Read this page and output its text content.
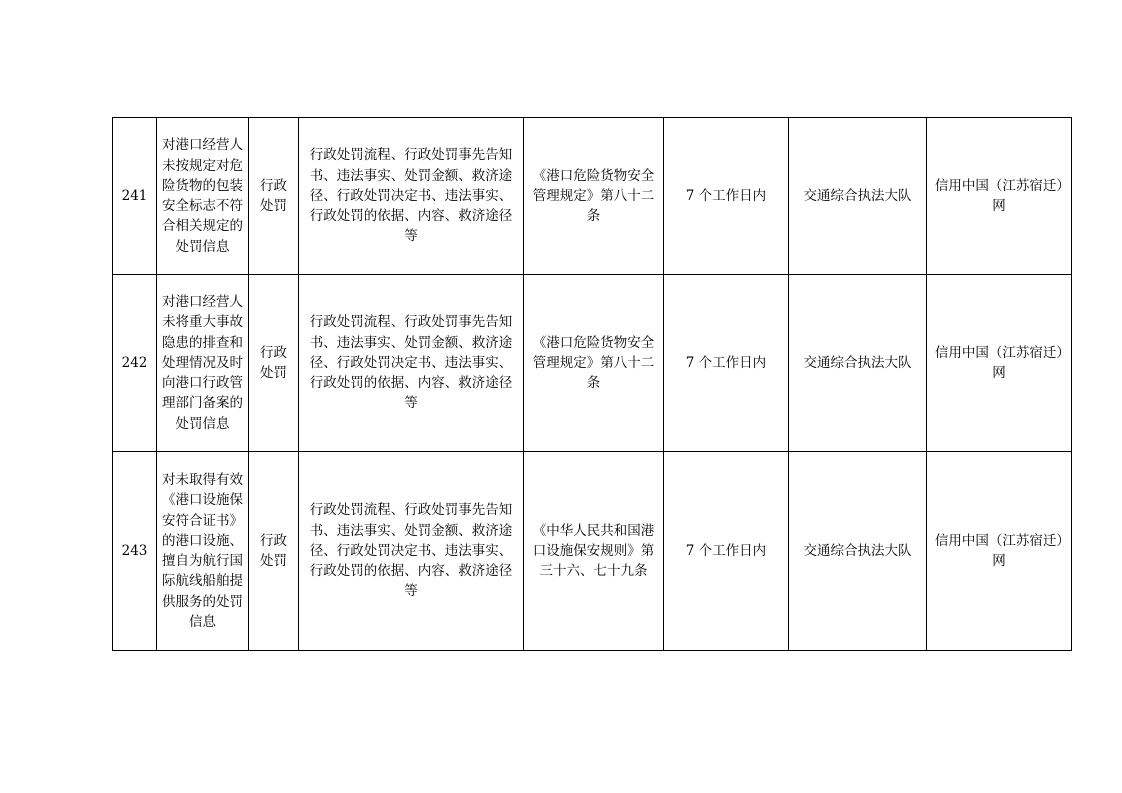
241	对港口经营人未按规定对危险货物的包装安全标志不符合相关规定的处罚信息	行政处罚	行政处罚流程、行政处罚事先告知书、违法事实、处罚金额、救济途径、行政处罚决定书、违法事实、行政处罚的依据、内容、救济途径等	《港口危险货物安全管理规定》第八十二条	7 个工作日内	交通综合执法大队	信用中国（江苏宿迁）网
242	对港口经营人未将重大事故隐患的排查和处理情况及时向港口行政管理部门备案的处罚信息	行政处罚	行政处罚流程、行政处罚事先告知书、违法事实、处罚金额、救济途径、行政处罚决定书、违法事实、行政处罚的依据、内容、救济途径等	《港口危险货物安全管理规定》第八十二条	7 个工作日内	交通综合执法大队	信用中国（江苏宿迁）网
243	对未取得有效《港口设施保安符合证书》的港口设施、擅自为航行国际航线船舶提供服务的处罚信息	行政处罚	行政处罚流程、行政处罚事先告知书、违法事实、处罚金额、救济途径、行政处罚决定书、违法事实、行政处罚的依据、内容、救济途径等	《中华人民共和国港口设施保安规则》第三十六、七十九条	7 个工作日内	交通综合执法大队	信用中国（江苏宿迁）网
